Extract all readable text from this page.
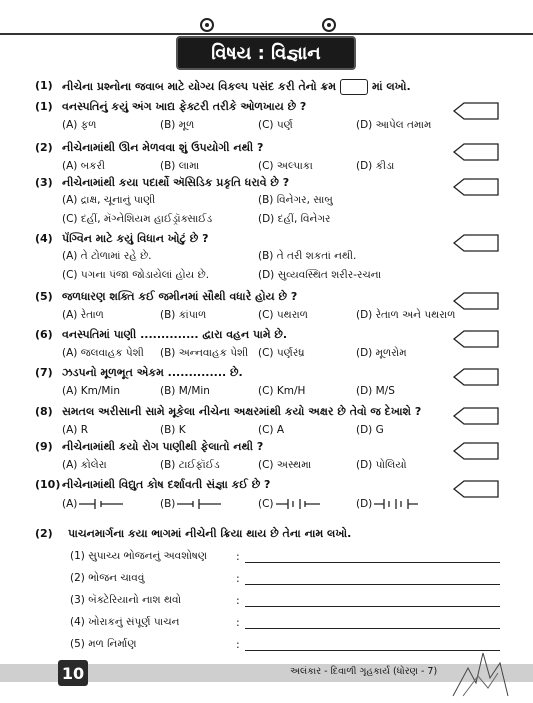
વિષય : વિજ્ઞાન
(1) નીચેના પ્રશ્નોના જવાબ માટે યોગ્ય વિકલ્પ પસંદ કરી તેનો ક્રમ	માં લખો.
(1) વનસ્પતિનું કયું અંગ ખાદ્ય ફેક્ટરી તરીકે ઓળખાય છે ?
(A) ફળ	(B) મૂળ	(C) પર્ણ	(D) આપેલ તમામ
(2) નીચેનામાંથી ઊન મેળવવા શું ઉપયોગી નથી ?
(A) બકરી	(B) લામા	(C) અલ્પાકા	(D) કીડા
(3) નીચેનામાંથી કયા પદાર્થો ઍસિડિક પ્રકૃતિ ધરાવે છે ?
(A) દ્રાક્ષ, ચૂનાનું પાણી	(B) વિનેગર, સાબુ
(C) દહીં, મૅગ્નેશિયમ હાઈડ્રૉક્સાઈડ	(D) દહીં, વિનેગર
(4) પૅંગ્વિન માટે કયું વિધાન ખોટું છે ?
(A) તે ટોળામાં રહે છે.	(B) તે તરી શકતાં નથી.
(C) પગના પંજા જોડાયેલાં હોય છે.	(D) સુવ્યવસ્થિત શરીર-રચના
(5) જળધારણ શક્તિ કઈ જમીનમાં સૌથી વધારે હોય છે ?
(A) રેતાળ	(B) કાંપાળ	(C) પથરાળ	(D) રેતાળ અને પથરાળ
(6) વનસ્પતિમાં પાણી .............. દ્વારા વહન પામે છે.
(A) જલવાહક પેશી (B) અન્નવાહક પેશી (C) પર્ણરંધ્ર	(D) મૂળરોમ
(7) ઝડપનો મૂળભૂત એકમ .............. છે.
(A) Km/Min	(B) M/Min	(C) Km/H	(D) M/S
(8) સમતલ અરીસાની સામે મૂકેલા નીચેના અક્ષરમાંથી કયો અક્ષર છે તેવો જ દેખાશે ?
(A) R	(B) K	(C) A	(D) G
(9) નીચેનામાંથી કયો રોગ પાણીથી ફેલાતો નથી ?
(A) કોલેરા	(B) ટાઈફૉઈડ	(C) અસ્થમા	(D) પોલિયો
(10) નીચેનામાંથી વિદ્યુત કોષ દર્શાવતી સંજ્ઞા કઈ છે ?
(A)	(B)	(C)	(D)
(2) પાચનમાર્ગના કયા ભાગમાં નીચેની ક્રિયા થાય છે તેના નામ લખો.
(1) સુપાચ્ય ભોજનનું અવશોષણ	:
(2) ભોજન ચાવવું	:
(3) બૅક્ટેરિયાનો નાશ થવો	:
(4) ખોરાકનું સંપૂર્ણ પાચન	:
(5) મળ નિર્માણ	:
10	અલંકાર - દિવાળી ગૃહકાર્ય (ધોરણ - 7)
